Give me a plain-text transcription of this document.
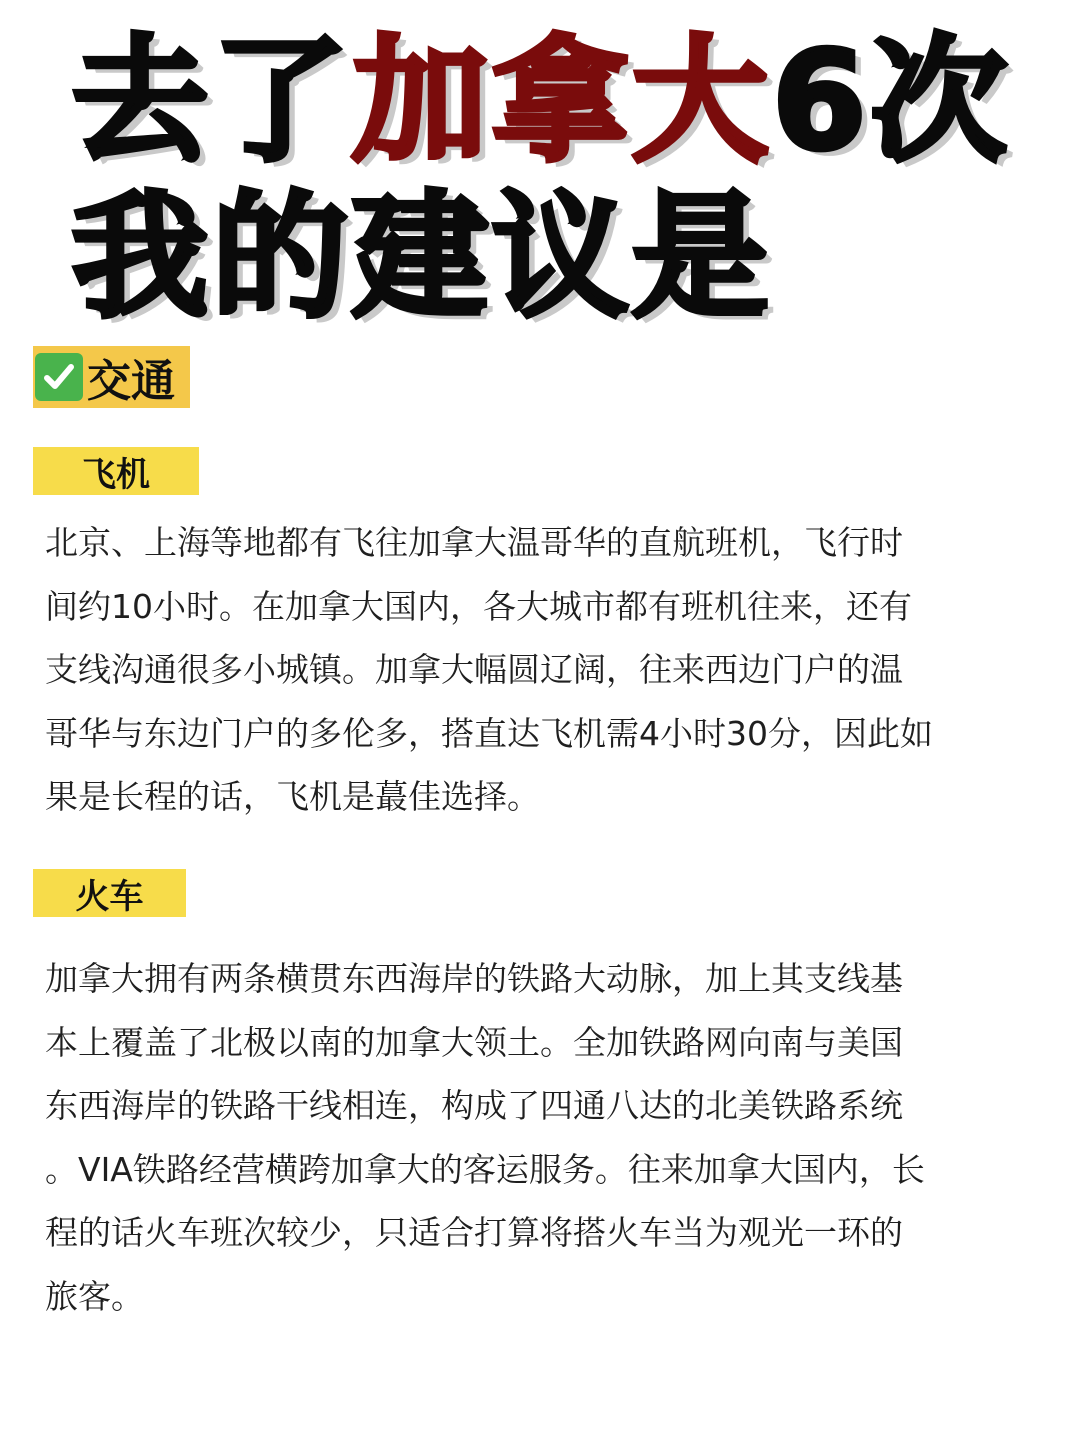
去了加拿大6次
我的建议是
交通
飞机

北京、上海等地都有飞往加拿大温哥华的直航班机，飞行时
间约10小时。在加拿大国内，各大城市都有班机往来，还有
支线沟通很多小城镇。加拿大幅圆辽阔，往来西边门户的温
哥华与东边门户的多伦多，搭直达飞机需4小时30分，因此如
果是长程的话，飞机是蕞佳选择。

火车

加拿大拥有两条横贯东西海岸的铁路大动脉，加上其支线基
本上覆盖了北极以南的加拿大领土。全加铁路网向南与美国
东西海岸的铁路干线相连，构成了四通八达的北美铁路系统
。VIA铁路经营横跨加拿大的客运服务。往来加拿大国内，长
程的话火车班次较少，只适合打算将搭火车当为观光一环的
旅客。
